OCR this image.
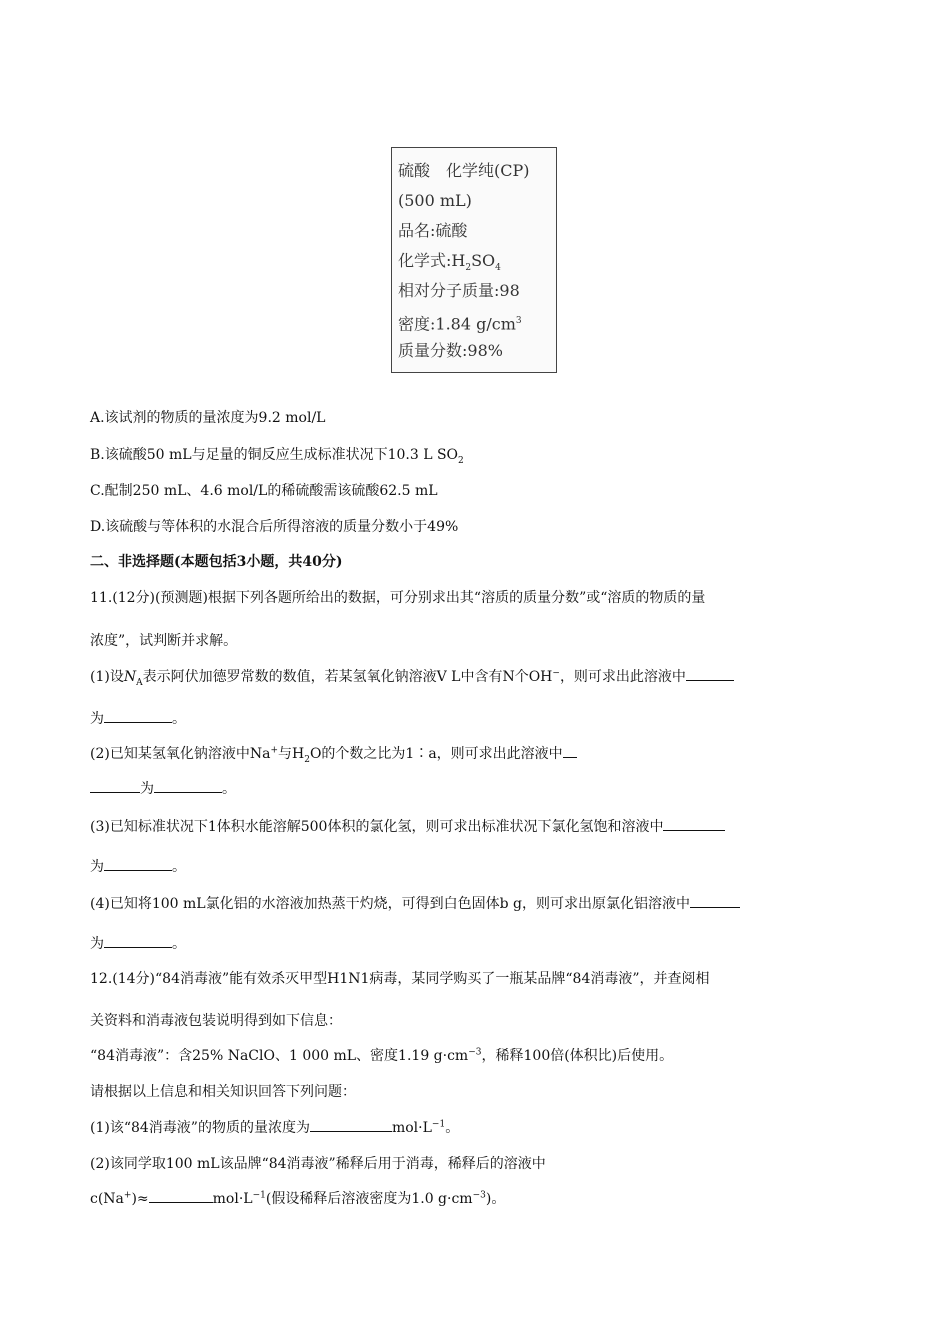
硫酸　化学纯(CP)
(500 mL)
品名:硫酸
化学式$:H_2SO_4$
相对分子质量:98
密度:1.84 $g/cm^3$
质量分数:98%
A.该试剂的物质的量浓度为9.2 mol/L
B.该硫酸50 mL与足量的铜反应生成标准状况下10.3 L $SO_2$
C.配制250 mL、4.6 mol/L的稀硫酸需该硫酸62.5 mL
D.该硫酸与等体积的水混合后所得溶液的质量分数小于49%
二、非选择题(本题包括3小题，共40分)
11.(12分)(预测题)根据下列各题所给出的数据，可分别求出其“溶质的质量分数”或“溶质的物质的量
浓度”，试判断并求解。
(1)设$N_A$表示阿伏加德罗常数的数值，若某氢氧化钠溶液V L中含有N个OH−，则可求出此溶液中
为	。
(2)已知某氢氧化钠溶液中Na+与$H_2O$的个数之比为1∶a，则可求出此溶液中
为	。
(3)已知标准状况下1体积水能溶解500体积的氯化氢，则可求出标准状况下氯化氢饱和溶液中
为	。
(4)已知将100 mL氯化铝的水溶液加热蒸干灼烧，可得到白色固体b g，则可求出原氯化铝溶液中
为	。
12.(14分)“84消毒液”能有效杀灭甲型H1N1病毒，某同学购买了一瓶某品牌“84消毒液”，并查阅相
关资料和消毒液包装说明得到如下信息：
“84消毒液”：含25% NaClO、1 000 mL、密度1.19 $g\cdot cm^{-3}$，稀释100倍(体积比)后使用。
请根据以上信息和相关知识回答下列问题：
(1)该“84消毒液”的物质的量浓度为	$mol\cdot L^{-1}$。
(2)该同学取100 mL该品牌“84消毒液”稀释后用于消毒，稀释后的溶液中
c(Na+)≈	$mol\cdot L^{-1}$(假设稀释后溶液密度为1.0 $g\cdot cm^{-3}$)。
